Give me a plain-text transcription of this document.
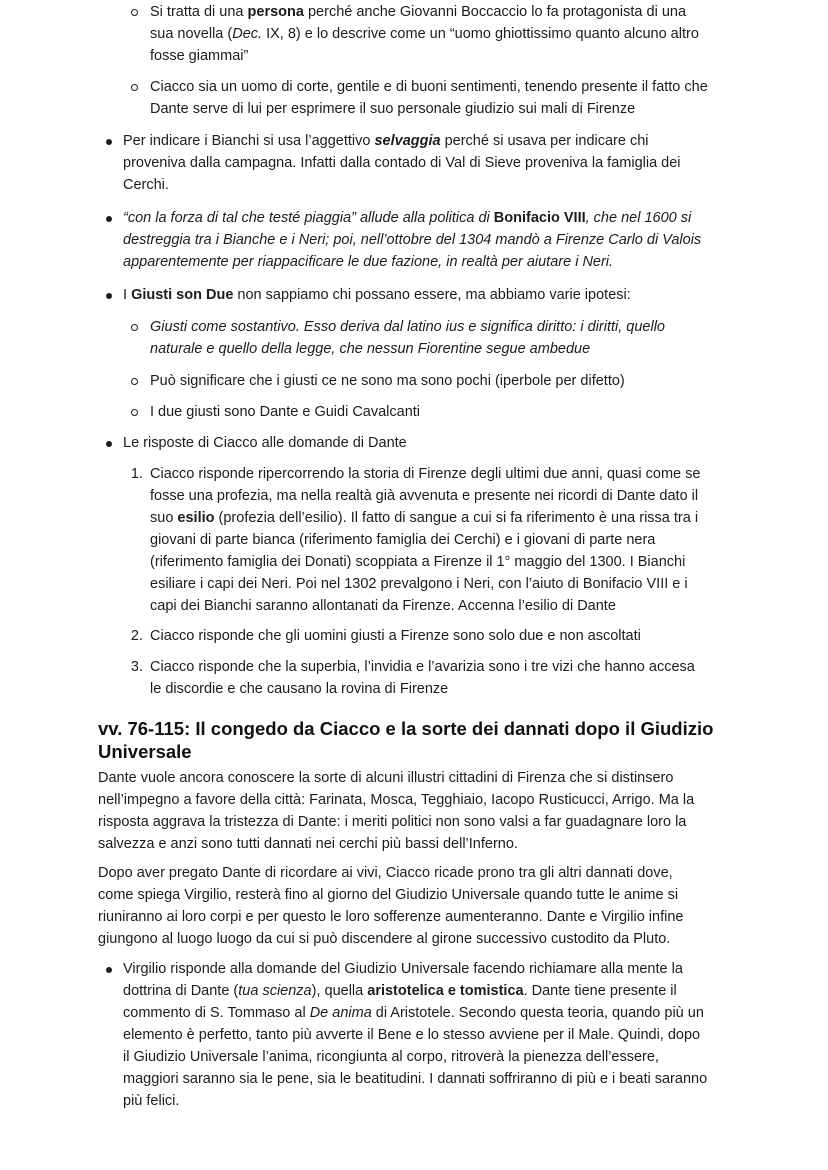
Si tratta di una persona perché anche Giovanni Boccaccio lo fa protagonista di una
sua novella (Dec. IX, 8) e lo descrive come un “uomo ghiottissimo quanto alcuno altro
fosse giammai”
Ciacco sia un uomo di corte, gentile e di buoni sentimenti, tenendo presente il fatto che
Dante serve di lui per esprimere il suo personale giudizio sui mali di Firenze
Per indicare i Bianchi si usa l’aggettivo selvaggia perché si usava per indicare chi
proveniva dalla campagna. Infatti dalla contado di Val di Sieve proveniva la famiglia dei
Cerchi.
“con la forza di tal che testé piaggia” allude alla politica di Bonifacio VIII, che nel 1600 si
destreggia tra i Bianche e i Neri; poi, nell’ottobre del 1304 mandò a Firenze Carlo di Valois
apparentemente per riappacificare le due fazione, in realtà per aiutare i Neri.
I Giusti son Due non sappiamo chi possano essere, ma abbiamo varie ipotesi:
Giusti come sostantivo. Esso deriva dal latino ius e significa diritto: i diritti, quello
naturale e quello della legge, che nessun Fiorentine segue ambedue
Può significare che i giusti ce ne sono ma sono pochi (iperbole per difetto)
I due giusti sono Dante e Guidi Cavalcanti
Le risposte di Ciacco alle domande di Dante
1. Ciacco risponde ripercorrendo la storia di Firenze degli ultimi due anni, quasi come se
fosse una profezia, ma nella realtà già avvenuta e presente nei ricordi di Dante dato il
suo esilio (profezia dell’esilio). Il fatto di sangue a cui si fa riferimento è una rissa tra i
giovani di parte bianca (riferimento famiglia dei Cerchi) e i giovani di parte nera
(riferimento famiglia dei Donati) scoppiata a Firenze il 1° maggio del 1300. I Bianchi
esiliare i capi dei Neri. Poi nel 1302 prevalgono i Neri, con l’aiuto di Bonifacio VIII e i
capi dei Bianchi saranno allontanati da Firenze. Accenna l’esilio di Dante
2. Ciacco risponde che gli uomini giusti a Firenze sono solo due e non ascoltati
3. Ciacco risponde che la superbia, l’invidia e l’avarizia sono i tre vizi che hanno accesa
le discordie e che causano la rovina di Firenze
vv. 76-115: Il congedo da Ciacco e la sorte dei dannati dopo il Giudizio
Universale
Dante vuole ancora conoscere la sorte di alcuni illustri cittadini di Firenza che si distinsero
nell’impegno a favore della città: Farinata, Mosca, Tegghiaio, Iacopo Rusticucci, Arrigo. Ma la
risposta aggrava la tristezza di Dante: i meriti politici non sono valsi a far guadagnare loro la
salvezza e anzi sono tutti dannati nei cerchi più bassi dell’Inferno.
Dopo aver pregato Dante di ricordare ai vivi, Ciacco ricade prono tra gli altri dannati dove,
come spiega Virgilio, resterà fino al giorno del Giudizio Universale quando tutte le anime si
riuniranno ai loro corpi e per questo le loro sofferenze aumenteranno. Dante e Virgilio infine
giungono al luogo luogo da cui si può discendere al girone successivo custodito da Pluto.
Virgilio risponde alla domande del Giudizio Universale facendo richiamare alla mente la
dottrina di Dante (tua scienza), quella aristotelica e tomistica. Dante tiene presente il
commento di S. Tommaso al De anima di Aristotele. Secondo questa teoria, quando più un
elemento è perfetto, tanto più avverte il Bene e lo stesso avviene per il Male. Quindi, dopo
il Giudizio Universale l’anima, ricongiunta al corpo, ritroverà la pienezza dell’essere,
maggiori saranno sia le pene, sia le beatitudini. I dannati soffriranno di più e i beati saranno
più felici.
